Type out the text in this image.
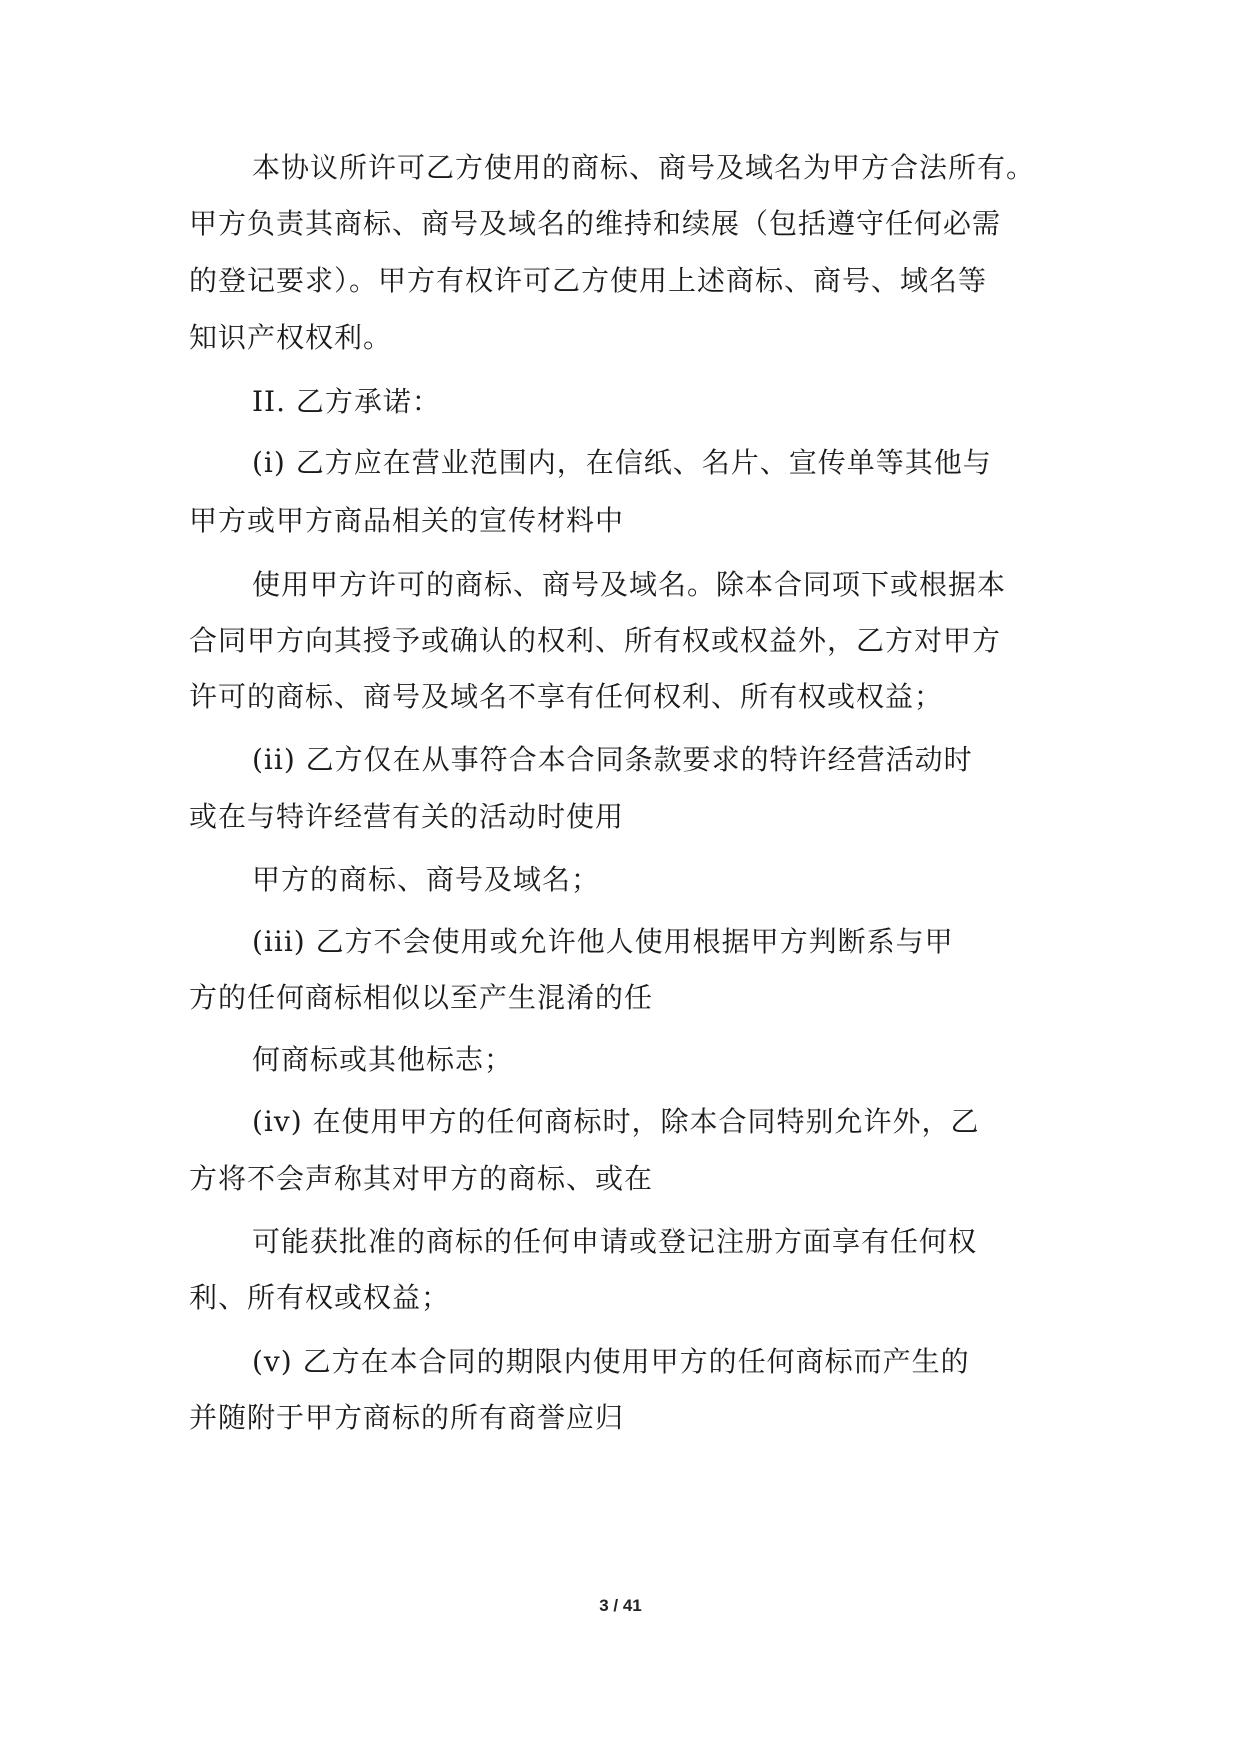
本协议所许可乙方使用的商标、商号及域名为甲方合法所有。
甲方负责其商标、商号及域名的维持和续展（包括遵守任何必需
的登记要求）。甲方有权许可乙方使用上述商标、商号、域名等
知识产权权利。
II. 乙方承诺：
(i) 乙方应在营业范围内，在信纸、名片、宣传单等其他与
甲方或甲方商品相关的宣传材料中
使用甲方许可的商标、商号及域名。除本合同项下或根据本
合同甲方向其授予或确认的权利、所有权或权益外，乙方对甲方
许可的商标、商号及域名不享有任何权利、所有权或权益；
(ii) 乙方仅在从事符合本合同条款要求的特许经营活动时
或在与特许经营有关的活动时使用
甲方的商标、商号及域名；
(iii) 乙方不会使用或允许他人使用根据甲方判断系与甲
方的任何商标相似以至产生混淆的任
何商标或其他标志；
(iv) 在使用甲方的任何商标时，除本合同特别允许外，乙
方将不会声称其对甲方的商标、或在
可能获批准的商标的任何申请或登记注册方面享有任何权
利、所有权或权益；
(v) 乙方在本合同的期限内使用甲方的任何商标而产生的
并随附于甲方商标的所有商誉应归
3 / 41
